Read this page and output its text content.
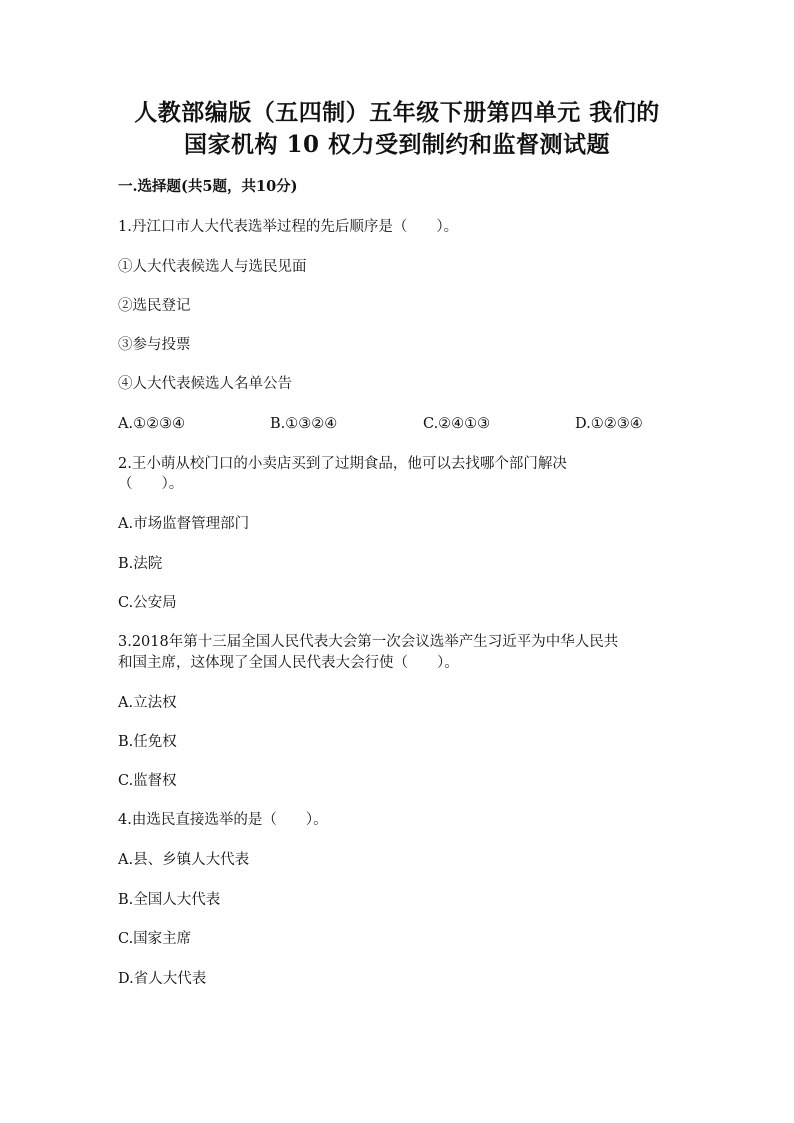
人教部编版（五四制）五年级下册第四单元 我们的
国家机构 10 权力受到制约和监督测试题
一.选择题(共5题，共10分)
1.丹江口市人大代表选举过程的先后顺序是（　　）。
①人大代表候选人与选民见面
②选民登记
③参与投票
④人大代表候选人名单公告
A.①②③④	B.①③②④	C.②④①③	D.①②③④
2.王小萌从校门口的小卖店买到了过期食品，他可以去找哪个部门解决
（　　）。
A.市场监督管理部门
B.法院
C.公安局
3.2018年第十三届全国人民代表大会第一次会议选举产生习近平为中华人民共
和国主席，这体现了全国人民代表大会行使（　　）。
A.立法权
B.任免权
C.监督权
4.由选民直接选举的是（　　）。
A.县、乡镇人大代表
B.全国人大代表
C.国家主席
D.省人大代表
